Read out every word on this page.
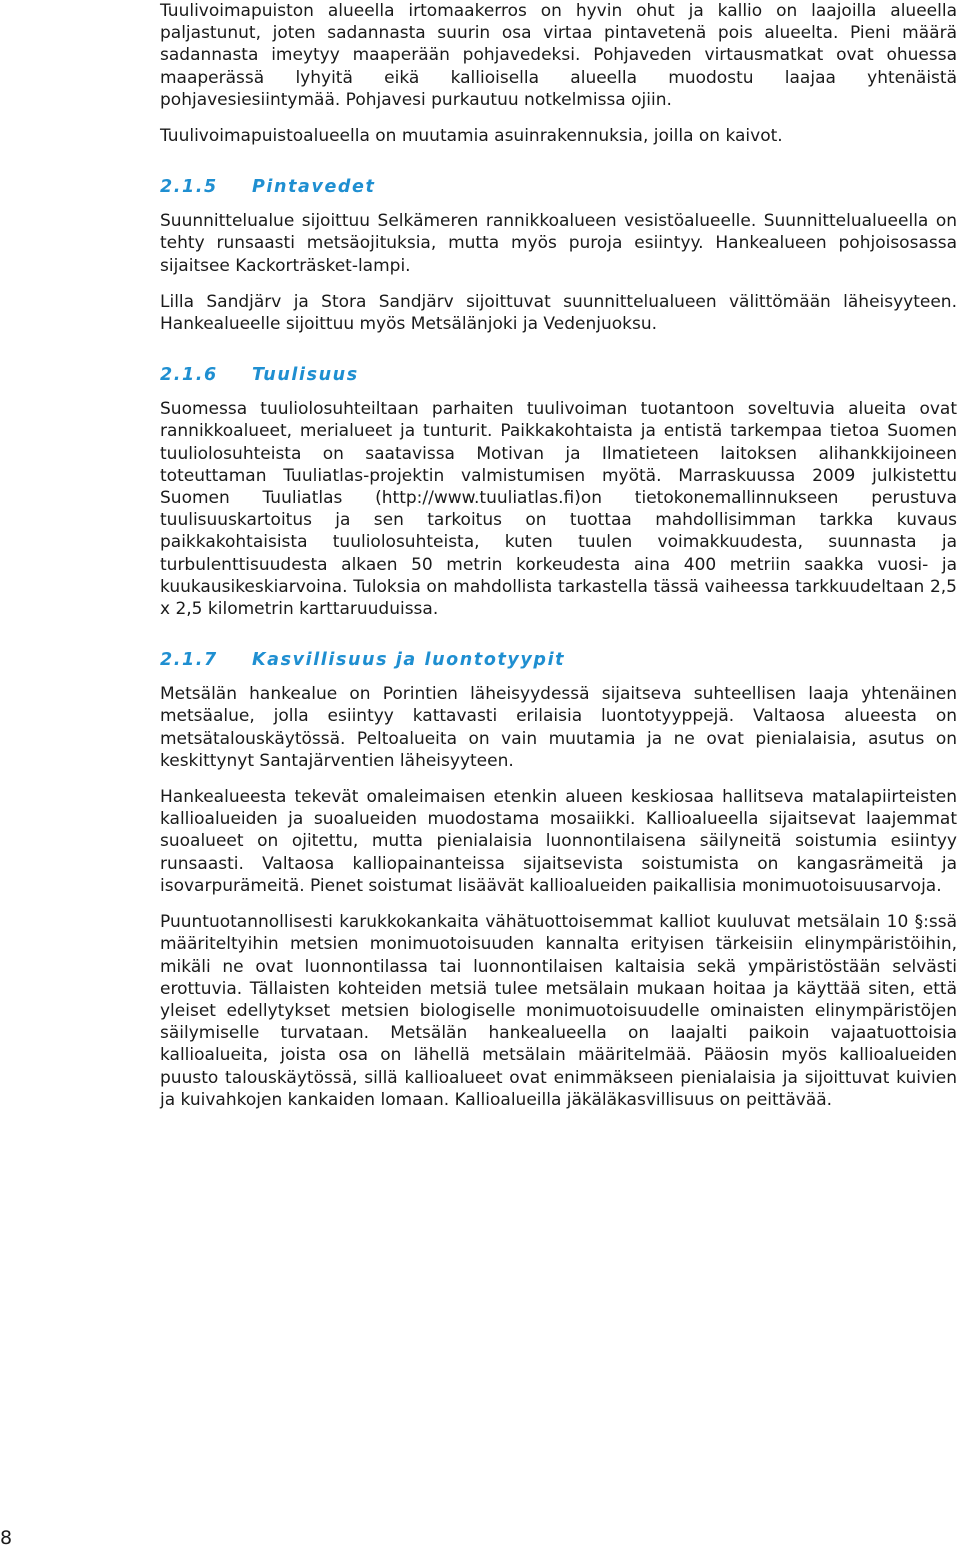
Tuulivoimapuiston alueella irtomaakerros on hyvin ohut ja kallio on laajoilla alueella paljastunut, joten sadannasta suurin osa virtaa pintavetenä pois alueelta. Pieni määrä sadannasta imeytyy maaperään pohjavedeksi. Pohjaveden virtausmatkat ovat ohuessa maaperässä lyhyitä eikä kallioisella alueella muodostu laajaa yhtenäistä pohjavesiesiintymää. Pohjavesi purkautuu notkelmissa ojiin.

Tuulivoimapuistoalueella on muutamia asuinrakennuksia, joilla on kaivot.

2.1.5	Pintavedet

Suunnittelualue sijoittuu Selkämeren rannikkoalueen vesistöalueelle. Suunnittelualueella on tehty runsaasti metsäojituksia, mutta myös puroja esiintyy. Hankealueen pohjoisosassa sijaitsee Kackorträsket-lampi.

Lilla Sandjärv ja Stora Sandjärv sijoittuvat suunnittelualueen välittömään läheisyyteen. Hankealueelle sijoittuu myös Metsälänjoki ja Vedenjuoksu.

2.1.6	Tuulisuus

Suomessa tuuliolosuhteiltaan parhaiten tuulivoiman tuotantoon soveltuvia alueita ovat rannikkoalueet, merialueet ja tunturit. Paikkakohtaista ja entistä tarkempaa tietoa Suomen tuuliolosuhteista on saatavissa Motivan ja Ilmatieteen laitoksen alihankkijoineen toteuttaman Tuuliatlas-projektin valmistumisen myötä. Marraskuussa 2009 julkistettu Suomen Tuuliatlas (http://www.tuuliatlas.fi)on tietokonemallinnukseen perustuva tuulisuuskartoitus ja sen tarkoitus on tuottaa mahdollisimman tarkka kuvaus paikkakohtaisista tuuliolosuhteista, kuten tuulen voimakkuudesta, suunnasta ja turbulenttisuudesta alkaen 50 metrin korkeudesta aina 400 metriin saakka vuosi- ja kuukausikeskiarvoina. Tuloksia on mahdollista tarkastella tässä vaiheessa tarkkuudeltaan 2,5 x 2,5 kilometrin karttaruuduissa.

2.1.7	Kasvillisuus ja luontotyypit

Metsälän hankealue on Porintien läheisyydessä sijaitseva suhteellisen laaja yhtenäinen metsäalue, jolla esiintyy kattavasti erilaisia luontotyyppejä. Valtaosa alueesta on metsätalouskäytössä. Peltoalueita on vain muutamia ja ne ovat pienialaisia, asutus on keskittynyt Santajärventien läheisyyteen.

Hankealueesta tekevät omaleimaisen etenkin alueen keskiosaa hallitseva matalapiirteisten kallioalueiden ja suoalueiden muodostama mosaiikki. Kallioalueella sijaitsevat laajemmat suoalueet on ojitettu, mutta pienialaisia luonnontilaisena säilyneitä soistumia esiintyy runsaasti. Valtaosa kalliopainanteissa sijaitsevista soistumista on kangasrämeitä ja isovarpurämeitä. Pienet soistumat lisäävät kallioalueiden paikallisia monimuotoisuusarvoja.

Puuntuotannollisesti karukkokankaita vähätuottoisemmat kalliot kuuluvat metsälain 10 §:ssä määriteltyihin metsien monimuotoisuuden kannalta erityisen tärkeisiin elinympäristöihin, mikäli ne ovat luonnontilassa tai luonnontilaisen kaltaisia sekä ympäristöstään selvästi erottuvia. Tällaisten kohteiden metsiä tulee metsälain mukaan hoitaa ja käyttää siten, että yleiset edellytykset metsien biologiselle monimuotoisuudelle ominaisten elinympäristöjen säilymiselle turvataan. Metsälän hankealueella on laajalti paikoin vajaatuottoisia kallioalueita, joista osa on lähellä metsälain määritelmää. Pääosin myös kallioalueiden puusto talouskäytössä, sillä kallioalueet ovat enimmäkseen pienialaisia ja sijoittuvat kuivien ja kuivahkojen kankaiden lomaan. Kallioalueilla jäkäläkasvillisuus on peittävää.

8
